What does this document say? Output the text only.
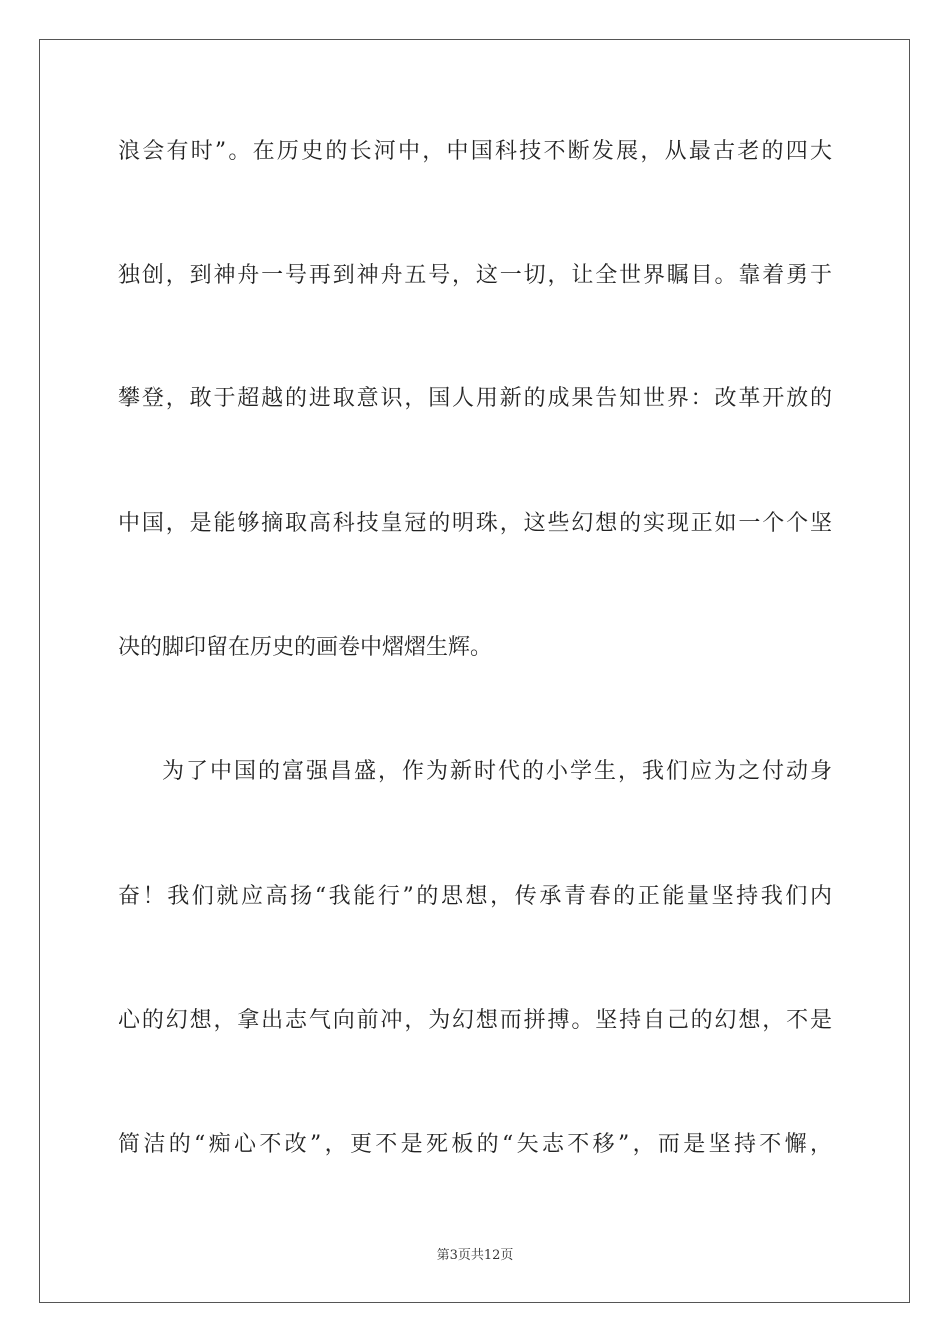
浪会有时”。在历史的长河中，中国科技不断发展，从最古老的四大
独创，到神舟一号再到神舟五号，这一切，让全世界瞩目。靠着勇于
攀登，敢于超越的进取意识，国人用新的成果告知世界：改革开放的
中国，是能够摘取高科技皇冠的明珠，这些幻想的实现正如一个个坚
决的脚印留在历史的画卷中熠熠生辉。
为了中国的富强昌盛，作为新时代的小学生，我们应为之付动身
奋！我们就应高扬“我能行”的思想，传承青春的正能量坚持我们内
心的幻想，拿出志气向前冲，为幻想而拼搏。坚持自己的幻想，不是
简洁的“痴心不改”，更不是死板的“矢志不移”，而是坚持不懈，
第3页共12页
